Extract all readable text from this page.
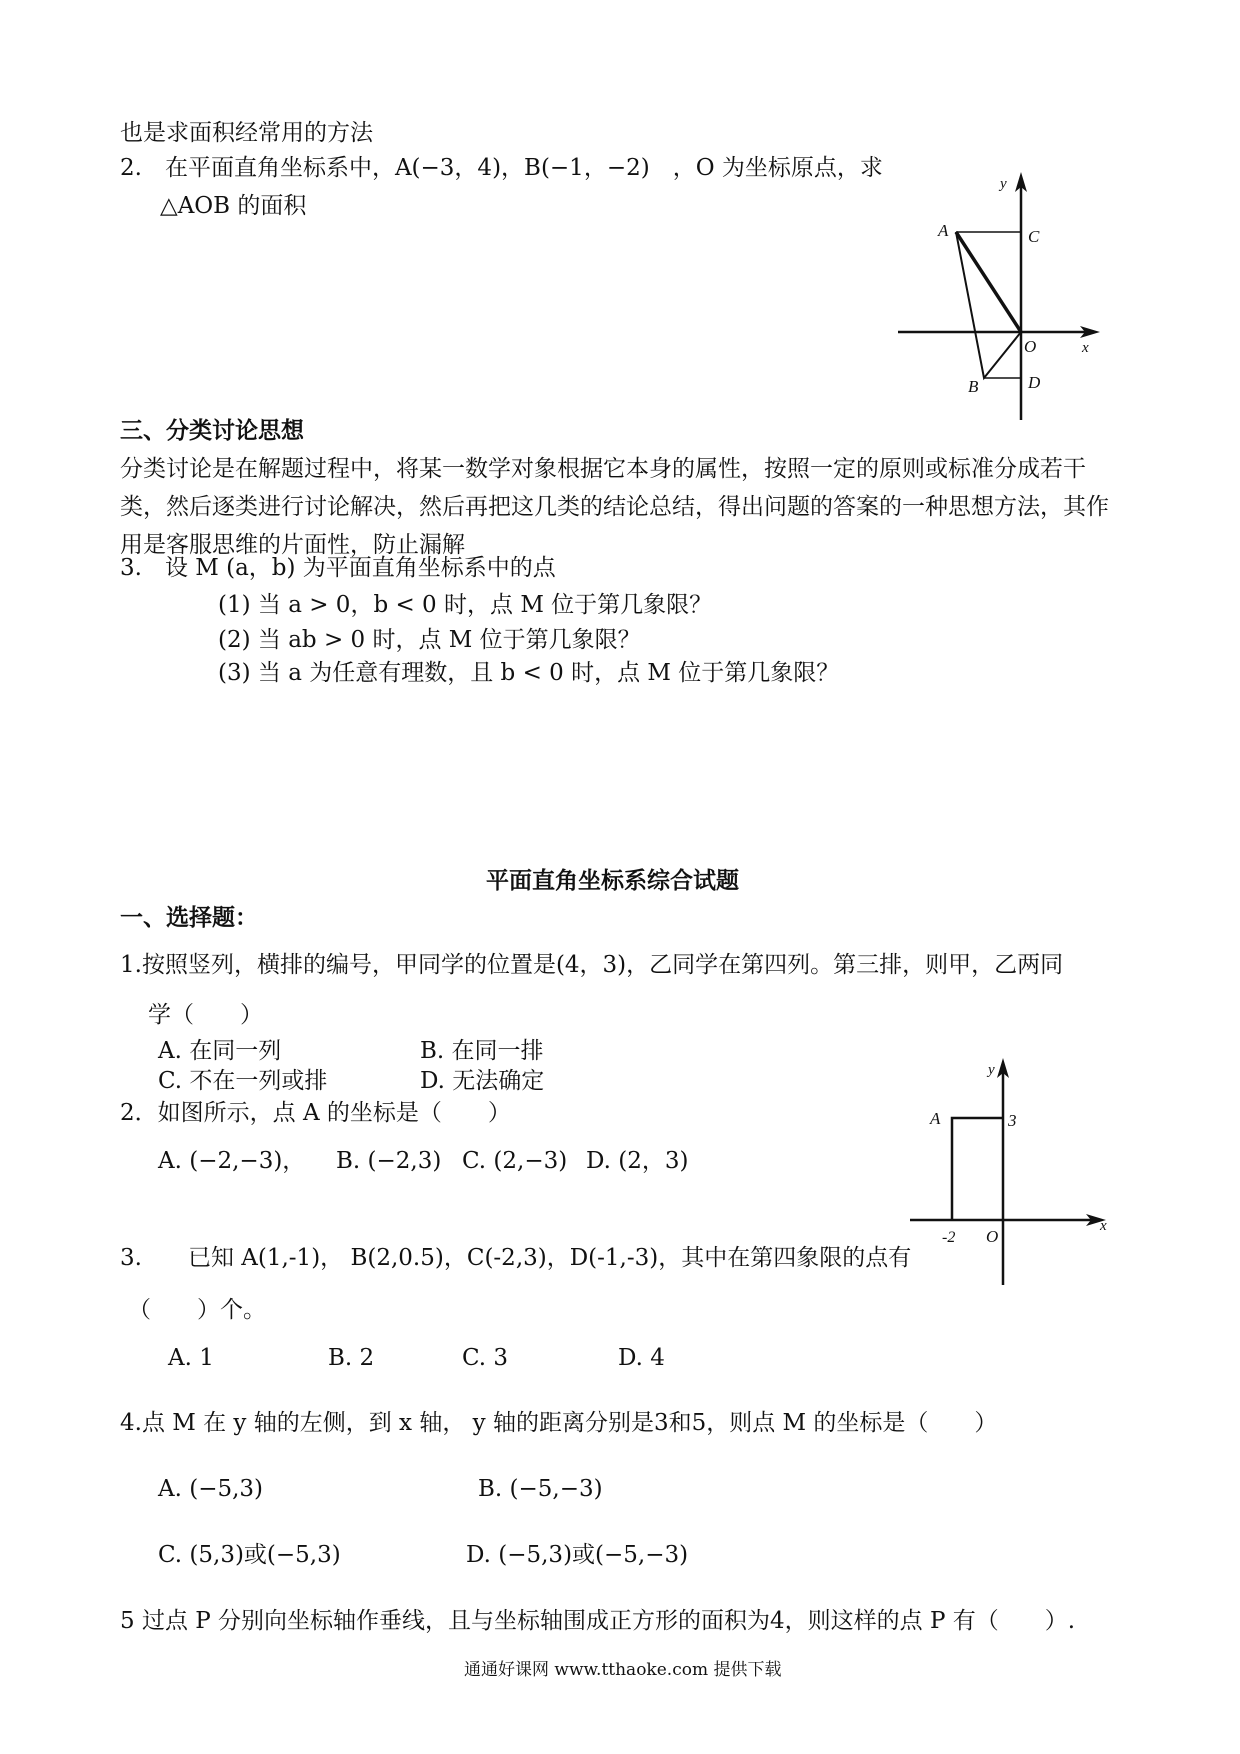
也是求面积经常用的方法
2.　在平面直角坐标系中，A(−3，4)，B(−1，−2)　，O 为坐标原点，求
△AOB 的面积
y
x
A	C
O
B	D
三、分类讨论思想

分类讨论是在解题过程中，将某一数学对象根据它本身的属性，按照一定的原则或标准分成若干类，然后逐类进行讨论解决，然后再把这几类的结论总结，得出问题的答案的一种思想方法，其作用是客服思维的片面性，防止漏解

3.　设 M (a，b) 为平面直角坐标系中的点
(1) 当 a > 0，b < 0 时，点 M 位于第几象限？
(2) 当 ab > 0 时，点 M 位于第几象限？
(3) 当 a 为任意有理数，且 b < 0 时，点 M 位于第几象限？
平面直角坐标系综合试题
一、选择题：
1.按照竖列，横排的编号，甲同学的位置是(4，3)，乙同学在第四列。第三排，则甲，乙两同
学（　　）
A. 在同一列	B. 在同一排
C. 不在一列或排	D. 无法确定
2．如图所示，点 A 的坐标是（　　）
A. (−2,−3)， B. (−2,3) C. (2,−3) D. (2，3)
y
x
A	3
-2 O
3.　　已知 A(1,-1)， B(2,0.5)，C(-2,3)，D(-1,-3)，其中在第四象限的点有
（　　）个。
A. 1	B. 2	C. 3	D. 4
4.点 M 在 y 轴的左侧，到 x 轴， y 轴的距离分别是3和5，则点 M 的坐标是（　　）
A. (−5,3)	B. (−5,−3)
C. (5,3)或(−5,3)	D. (−5,3)或(−5,−3)
5 过点 P 分别向坐标轴作垂线，且与坐标轴围成正方形的面积为4，则这样的点 P 有（　　）.
通通好课网 www.tthaoke.com 提供下载
